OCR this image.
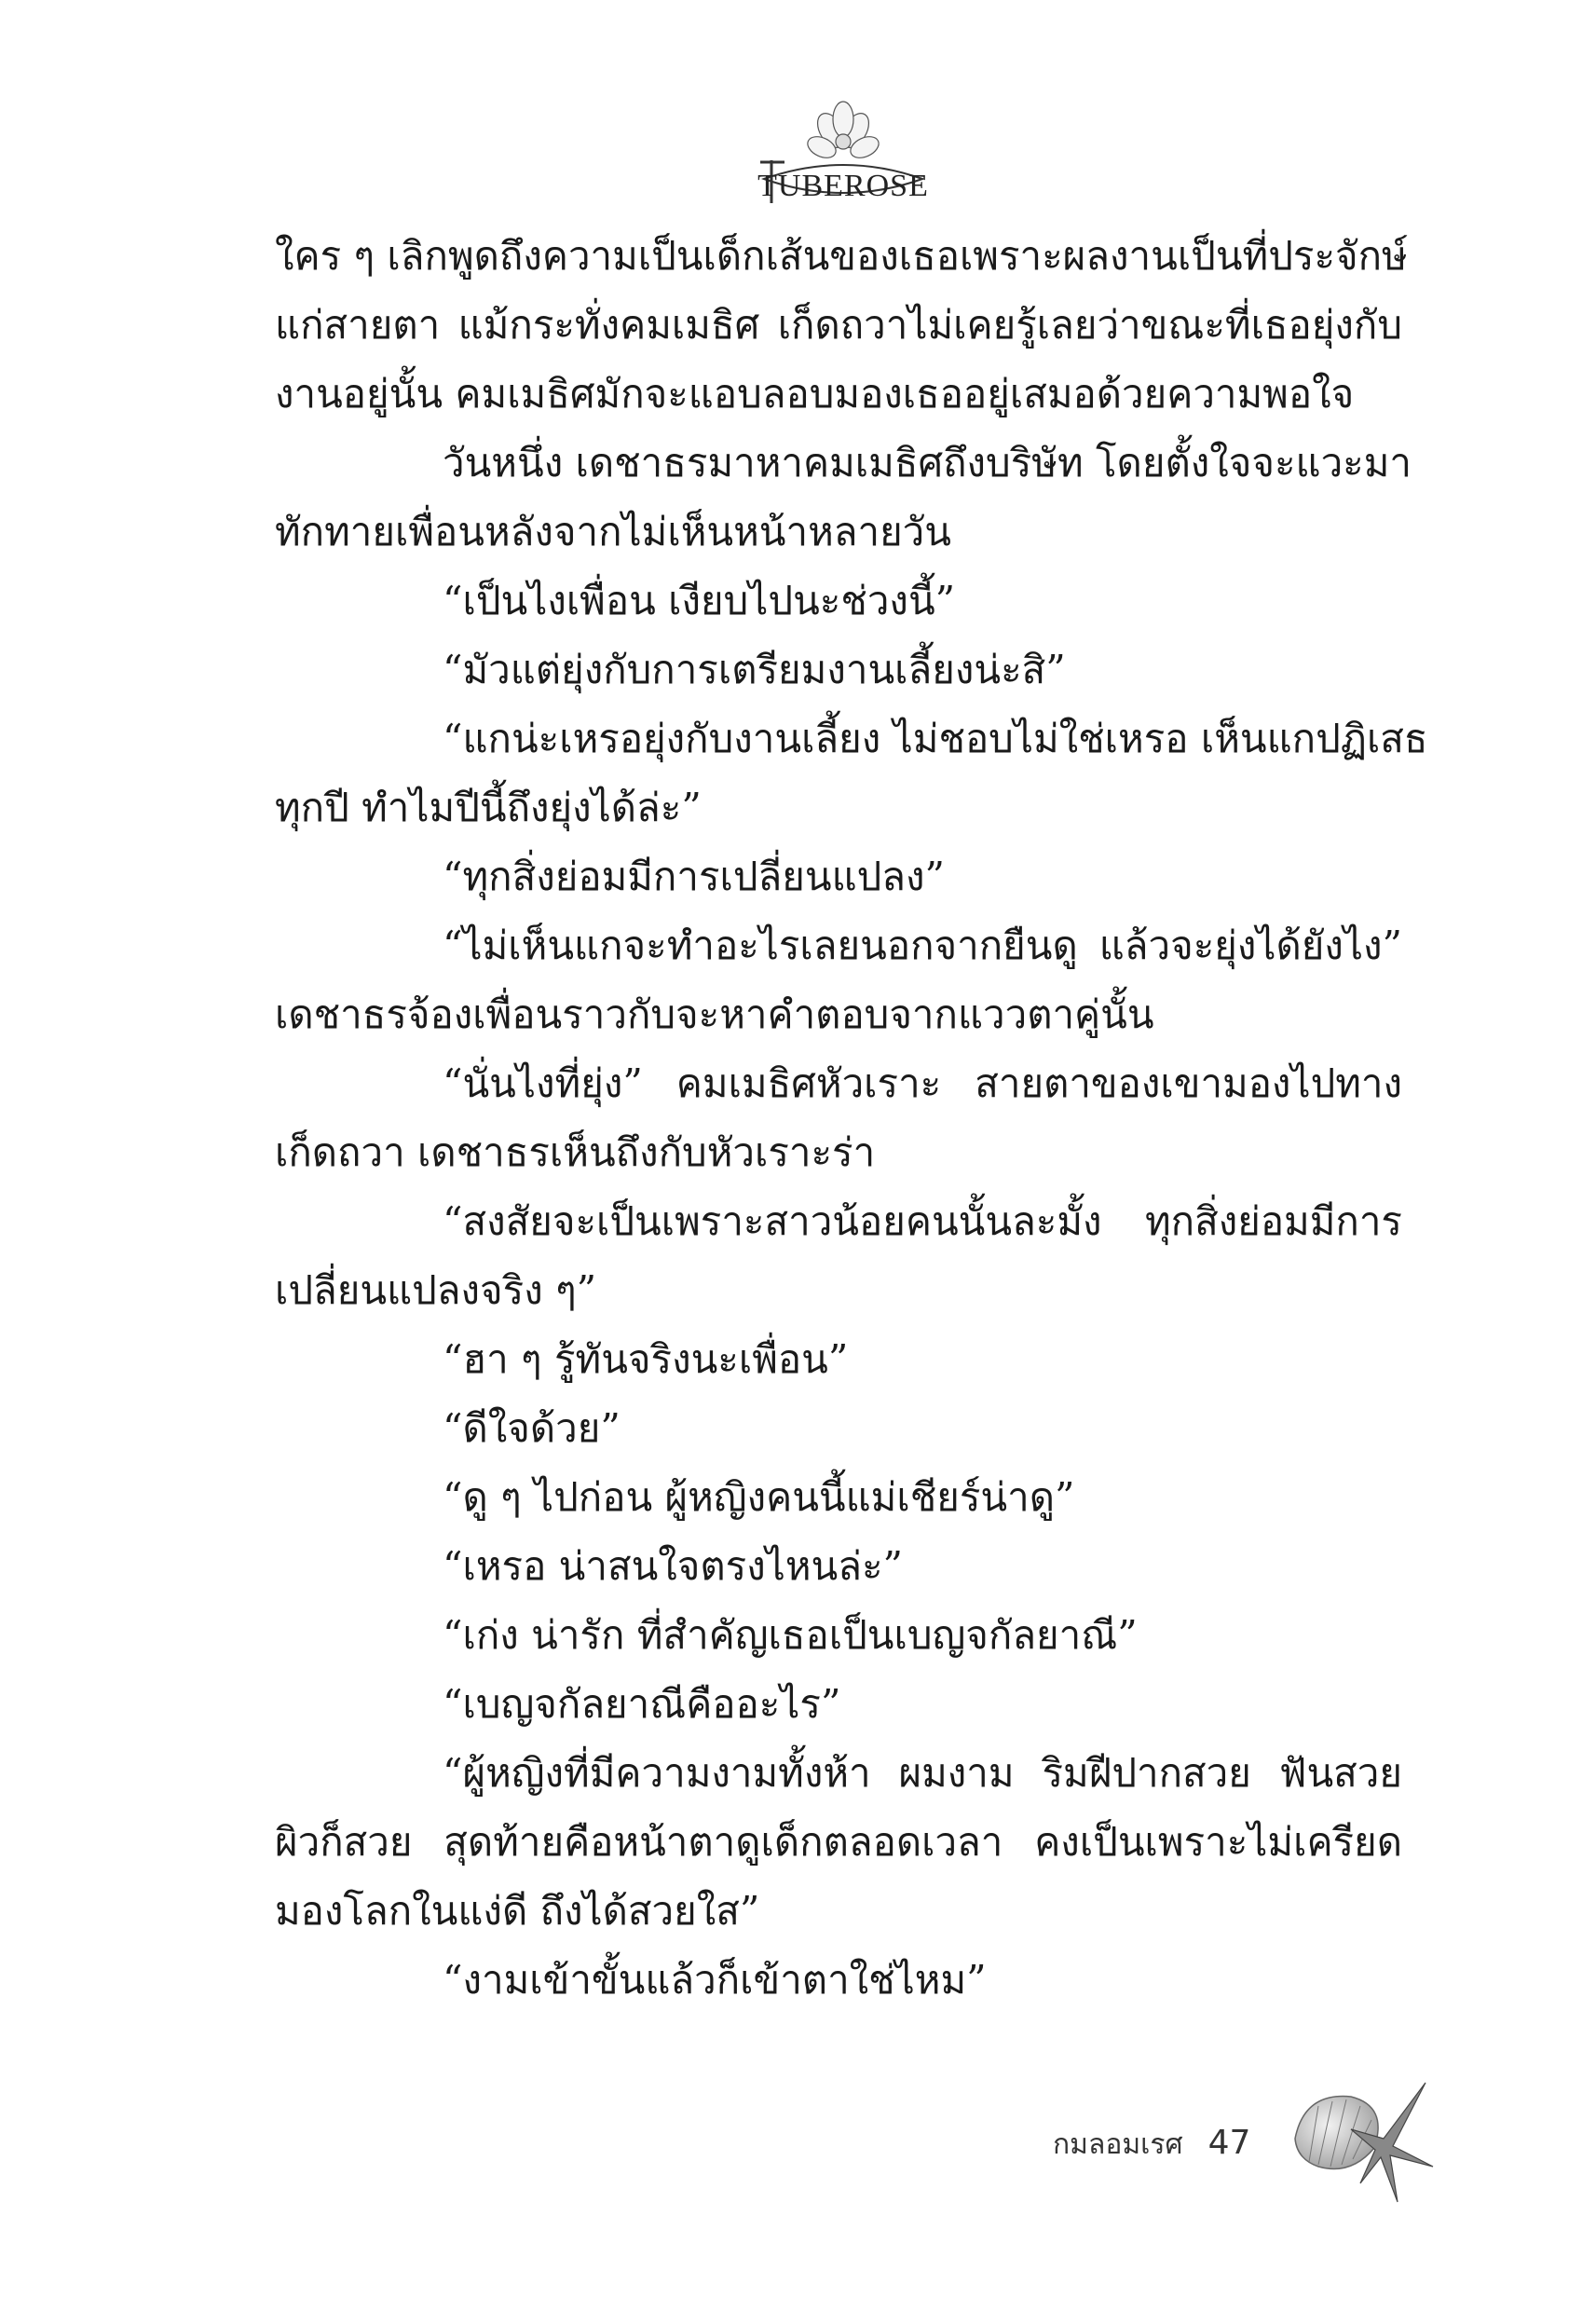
TUBEROSE
ใคร ๆ เลิกพูดถึงความเป็นเด็กเส้นของเธอเพราะผลงานเป็นที่ประจักษ์
แก่สายตา แม้กระทั่งคมเมธิศ เก็ดถวาไม่เคยรู้เลยว่าขณะที่เธอยุ่งกับ
งานอยู่นั้น คมเมธิศมักจะแอบลอบมองเธออยู่เสมอด้วยความพอใจ
วันหนึ่ง เดชาธรมาหาคมเมธิศถึงบริษัท โดยตั้งใจจะแวะมา
ทักทายเพื่อนหลังจากไม่เห็นหน้าหลายวัน
“เป็นไงเพื่อน เงียบไปนะช่วงนี้”
“มัวแต่ยุ่งกับการเตรียมงานเลี้ยงน่ะสิ”
“แกน่ะเหรอยุ่งกับงานเลี้ยง ไม่ชอบไม่ใช่เหรอ เห็นแกปฏิเสธ
ทุกปี ทำไมปีนี้ถึงยุ่งได้ล่ะ”
“ทุกสิ่งย่อมมีการเปลี่ยนแปลง”
“ไม่เห็นแกจะทำอะไรเลยนอกจากยืนดู แล้วจะยุ่งได้ยังไง”
เดชาธรจ้องเพื่อนราวกับจะหาคำตอบจากแววตาคู่นั้น
“นั่นไงที่ยุ่ง” คมเมธิศหัวเราะ สายตาของเขามองไปทาง
เก็ดถวา เดชาธรเห็นถึงกับหัวเราะร่า
“สงสัยจะเป็นเพราะสาวน้อยคนนั้นละมั้ง ทุกสิ่งย่อมมีการ
เปลี่ยนแปลงจริง ๆ”
“ฮา ๆ รู้ทันจริงนะเพื่อน”
“ดีใจด้วย”
“ดู ๆ ไปก่อน ผู้หญิงคนนี้แม่เชียร์น่าดู”
“เหรอ น่าสนใจตรงไหนล่ะ”
“เก่ง น่ารัก ที่สำคัญเธอเป็นเบญจกัลยาณี”
“เบญจกัลยาณีคืออะไร”
“ผู้หญิงที่มีความงามทั้งห้า ผมงาม ริมฝีปากสวย ฟันสวย
ผิวก็สวย สุดท้ายคือหน้าตาดูเด็กตลอดเวลา คงเป็นเพราะไม่เครียด
มองโลกในแง่ดี ถึงได้สวยใส”
“งามเข้าขั้นแล้วก็เข้าตาใช่ไหม”
กมลอมเรศ 47
